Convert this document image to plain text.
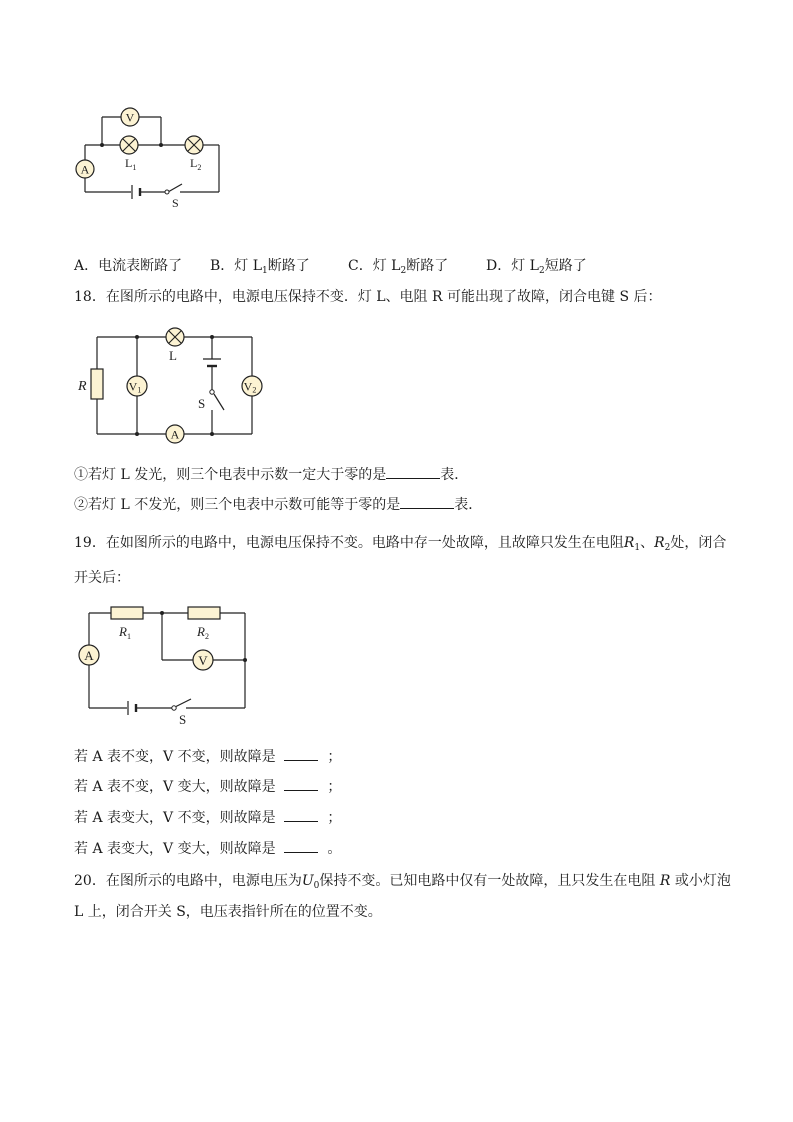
V
A	$L_1$	$L_2$
S
A．电流表断路了 B．灯 $L_1$断路了	C．灯 $L_2$断路了	D．灯 $L_2$短路了
18．在图所示的电路中，电源电压保持不变．灯 L、电阻 R 可能出现了故障，闭合电键 S 后：
R
L
V1	V2
A
S
①若灯 L 发光，则三个电表中示数一定大于零的是	表．
②若灯 L 不发光，则三个电表中示数可能等于零的是	表．
19．在如图所示的电路中，电源电压保持不变。电路中存一处故障，且故障只发生在电阻$R_1$、$R_2$处，闭合
开关后：
$R_1$	$R_2$
A	V
S
若 A 表不变，V 不变，则故障是	；
若 A 表不变，V 变大，则故障是	；
若 A 表变大，V 不变，则故障是	；
若 A 表变大，V 变大，则故障是	。
20．在图所示的电路中，电源电压为$U_0$保持不变。已知电路中仅有一处故障，且只发生在电阻 R 或小灯泡
L 上，闭合开关 S，电压表指针所在的位置不变。
